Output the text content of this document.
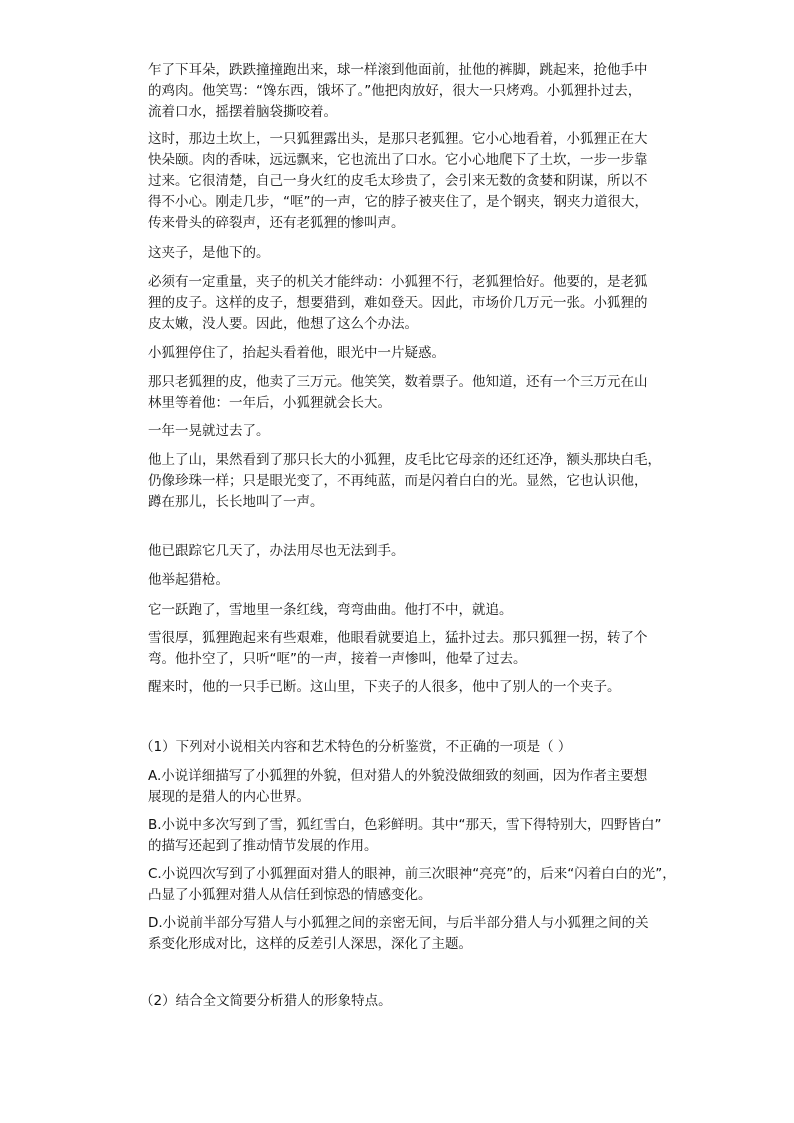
乍了下耳朵，跌跌撞撞跑出来，球一样滚到他面前，扯他的裤脚，跳起来，抢他手中
的鸡肉。他笑骂：“馋东西，饿坏了。”他把肉放好，很大一只烤鸡。小狐狸扑过去，
流着口水，摇摆着脑袋撕咬着。

这时，那边土坎上，一只狐狸露出头，是那只老狐狸。它小心地看着，小狐狸正在大
快朵颐。肉的香味，远远飘来，它也流出了口水。它小心地爬下了土坎，一步一步靠
过来。它很清楚，自己一身火红的皮毛太珍贵了，会引来无数的贪婪和阴谋，所以不
得不小心。刚走几步，“哐”的一声，它的脖子被夹住了，是个钢夹，钢夹力道很大，
传来骨头的碎裂声，还有老狐狸的惨叫声。

这夹子，是他下的。

必须有一定重量，夹子的机关才能绊动：小狐狸不行，老狐狸恰好。他要的，是老狐
狸的皮子。这样的皮子，想要猎到，难如登天。因此，市场价几万元一张。小狐狸的
皮太嫩，没人要。因此，他想了这么个办法。

小狐狸停住了，抬起头看着他，眼光中一片疑惑。

那只老狐狸的皮，他卖了三万元。他笑笑，数着票子。他知道，还有一个三万元在山
林里等着他：一年后，小狐狸就会长大。

一年一晃就过去了。

他上了山，果然看到了那只长大的小狐狸，皮毛比它母亲的还红还净，额头那块白毛，
仍像珍珠一样；只是眼光变了，不再纯蓝，而是闪着白白的光。显然，它也认识他，
蹲在那儿，长长地叫了一声。

他已跟踪它几天了，办法用尽也无法到手。

他举起猎枪。

它一跃跑了，雪地里一条红线，弯弯曲曲。他打不中，就追。

雪很厚，狐狸跑起来有些艰难，他眼看就要追上，猛扑过去。那只狐狸一拐，转了个
弯。他扑空了，只听“哐”的一声，接着一声惨叫，他晕了过去。

醒来时，他的一只手已断。这山里，下夹子的人很多，他中了别人的一个夹子。

（1）下列对小说相关内容和艺术特色的分析鉴赏，不正确的一项是（ ）

A.小说详细描写了小狐狸的外貌，但对猎人的外貌没做细致的刻画，因为作者主要想
展现的是猎人的内心世界。

B.小说中多次写到了雪，狐红雪白，色彩鲜明。其中“那天，雪下得特别大，四野皆白”
的描写还起到了推动情节发展的作用。

C.小说四次写到了小狐狸面对猎人的眼神，前三次眼神“亮亮”的，后来“闪着白白的光”，
凸显了小狐狸对猎人从信任到惊恐的情感变化。

D.小说前半部分写猎人与小狐狸之间的亲密无间，与后半部分猎人与小狐狸之间的关
系变化形成对比，这样的反差引人深思，深化了主题。

（2）结合全文简要分析猎人的形象特点。
